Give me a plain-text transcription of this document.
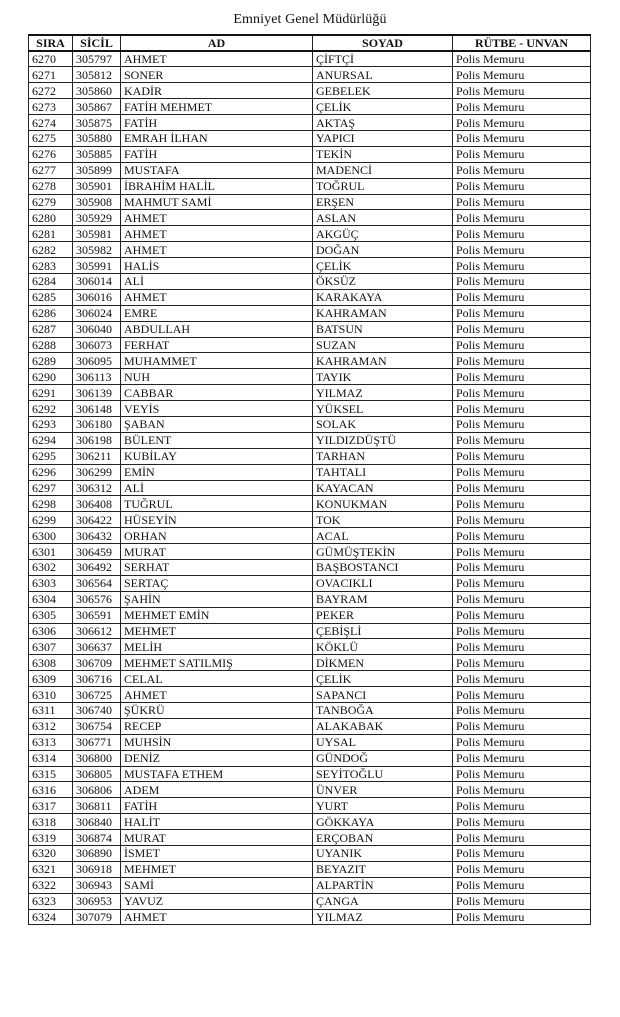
Emniyet Genel Müdürlüğü
SIRA	SİCİL	AD	SOYAD	RÜTBE - UNVAN
6270	305797	AHMET	ÇİFTÇİ	Polis Memuru
6271	305812	SONER	ANURSAL	Polis Memuru
6272	305860	KADİR	GEBELEK	Polis Memuru
6273	305867	FATİH MEHMET	ÇELİK	Polis Memuru
6274	305875	FATİH	AKTAŞ	Polis Memuru
6275	305880	EMRAH İLHAN	YAPICI	Polis Memuru
6276	305885	FATİH	TEKİN	Polis Memuru
6277	305899	MUSTAFA	MADENCİ	Polis Memuru
6278	305901	İBRAHİM HALİL	TOĞRUL	Polis Memuru
6279	305908	MAHMUT SAMİ	ERŞEN	Polis Memuru
6280	305929	AHMET	ASLAN	Polis Memuru
6281	305981	AHMET	AKGÜÇ	Polis Memuru
6282	305982	AHMET	DOĞAN	Polis Memuru
6283	305991	HALİS	ÇELİK	Polis Memuru
6284	306014	ALİ	ÖKSÜZ	Polis Memuru
6285	306016	AHMET	KARAKAYA	Polis Memuru
6286	306024	EMRE	KAHRAMAN	Polis Memuru
6287	306040	ABDULLAH	BATSUN	Polis Memuru
6288	306073	FERHAT	SUZAN	Polis Memuru
6289	306095	MUHAMMET	KAHRAMAN	Polis Memuru
6290	306113	NUH	TAYIK	Polis Memuru
6291	306139	CABBAR	YILMAZ	Polis Memuru
6292	306148	VEYİS	YÜKSEL	Polis Memuru
6293	306180	ŞABAN	SOLAK	Polis Memuru
6294	306198	BÜLENT	YILDIZDÜŞTÜ	Polis Memuru
6295	306211	KUBİLAY	TARHAN	Polis Memuru
6296	306299	EMİN	TAHTALI	Polis Memuru
6297	306312	ALİ	KAYACAN	Polis Memuru
6298	306408	TUĞRUL	KONUKMAN	Polis Memuru
6299	306422	HÜSEYİN	TOK	Polis Memuru
6300	306432	ORHAN	ACAL	Polis Memuru
6301	306459	MURAT	GÜMÜŞTEKİN	Polis Memuru
6302	306492	SERHAT	BAŞBOSTANCI	Polis Memuru
6303	306564	SERTAÇ	OVACIKLI	Polis Memuru
6304	306576	ŞAHİN	BAYRAM	Polis Memuru
6305	306591	MEHMET EMİN	PEKER	Polis Memuru
6306	306612	MEHMET	ÇEBİŞLİ	Polis Memuru
6307	306637	MELİH	KÖKLÜ	Polis Memuru
6308	306709	MEHMET SATILMIŞ	DİKMEN	Polis Memuru
6309	306716	CELAL	ÇELİK	Polis Memuru
6310	306725	AHMET	SAPANCI	Polis Memuru
6311	306740	ŞÜKRÜ	TANBOĞA	Polis Memuru
6312	306754	RECEP	ALAKABAK	Polis Memuru
6313	306771	MUHSİN	UYSAL	Polis Memuru
6314	306800	DENİZ	GÜNDOĞ	Polis Memuru
6315	306805	MUSTAFA ETHEM	SEYİTOĞLU	Polis Memuru
6316	306806	ADEM	ÜNVER	Polis Memuru
6317	306811	FATİH	YURT	Polis Memuru
6318	306840	HALİT	GÖKKAYA	Polis Memuru
6319	306874	MURAT	ERÇOBAN	Polis Memuru
6320	306890	İSMET	UYANIK	Polis Memuru
6321	306918	MEHMET	BEYAZIT	Polis Memuru
6322	306943	SAMİ	ALPARTİN	Polis Memuru
6323	306953	YAVUZ	ÇANGA	Polis Memuru
6324	307079	AHMET	YILMAZ	Polis Memuru
